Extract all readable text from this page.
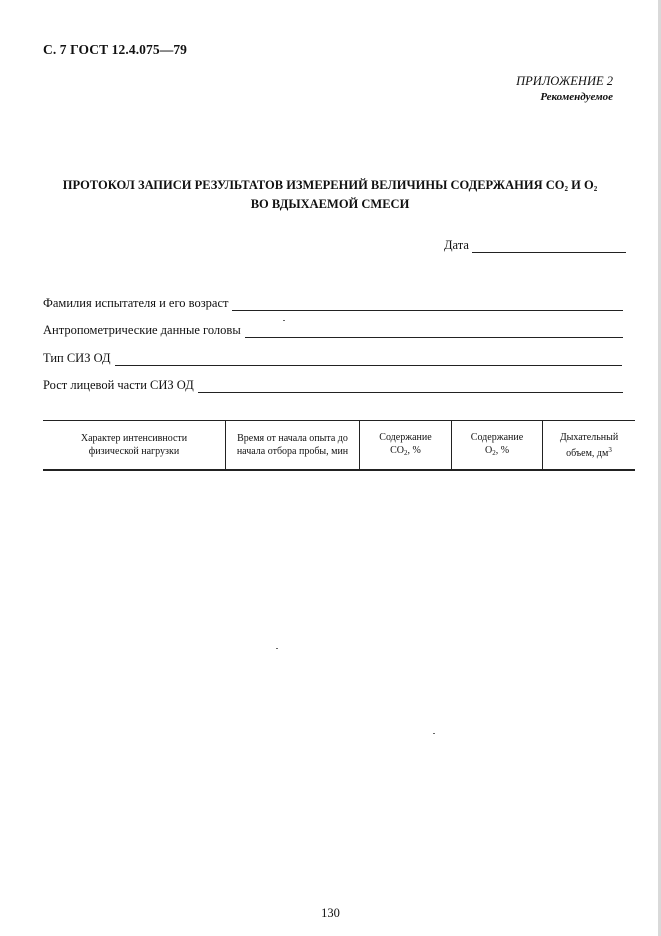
С. 7 ГОСТ 12.4.075—79
ПРИЛОЖЕНИЕ 2
Рекомендуемое
ПРОТОКОЛ ЗАПИСИ РЕЗУЛЬТАТОВ ИЗМЕРЕНИЙ ВЕЛИЧИНЫ СОДЕРЖАНИЯ $СО_2$ И $О_2$
ВО ВДЫХАЕМОЙ СМЕСИ
Дата
Фамилия испытателя и его возраст
Антропометрические данные головы
Тип СИЗ ОД
Рост лицевой части СИЗ ОД
Характер интенсивности
физической нагрузки
Время от начала опыта до
начала отбора пробы, мин
Содержание
$СО_2$, %
Содержание
$О_2$, %
Дыхательный
объем, $дм^3$
130
